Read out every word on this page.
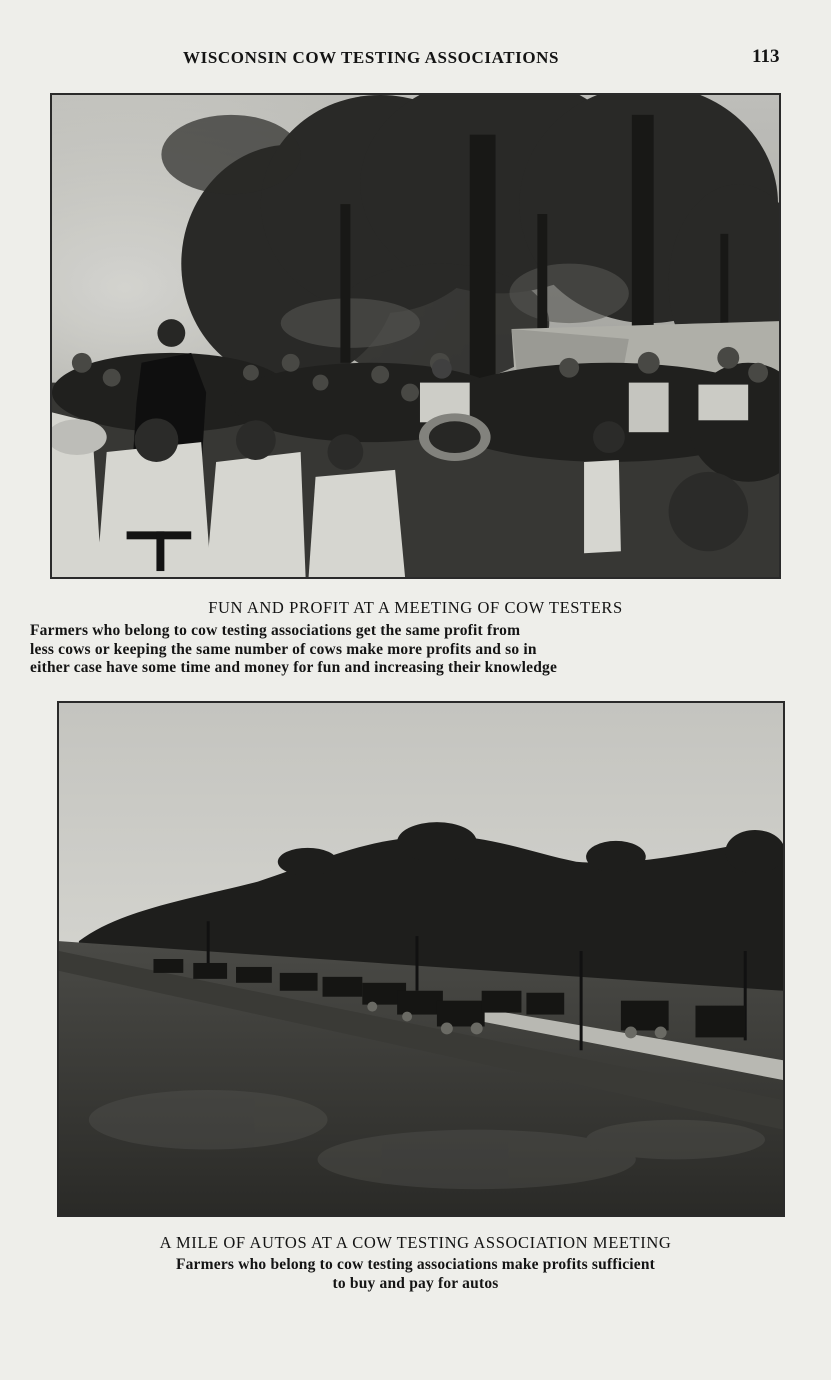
WISCONSIN COW TESTING ASSOCIATIONS	113
FUN AND PROFIT AT A MEETING OF COW TESTERS
Farmers who belong to cow testing associations get the same profit from
less cows or keeping the same number of cows make more profits and so in
either case have some time and money for fun and increasing their knowledge
A MILE OF AUTOS AT A COW TESTING ASSOCIATION MEETING
Farmers who belong to cow testing associations make profits sufficient
to buy and pay for autos
